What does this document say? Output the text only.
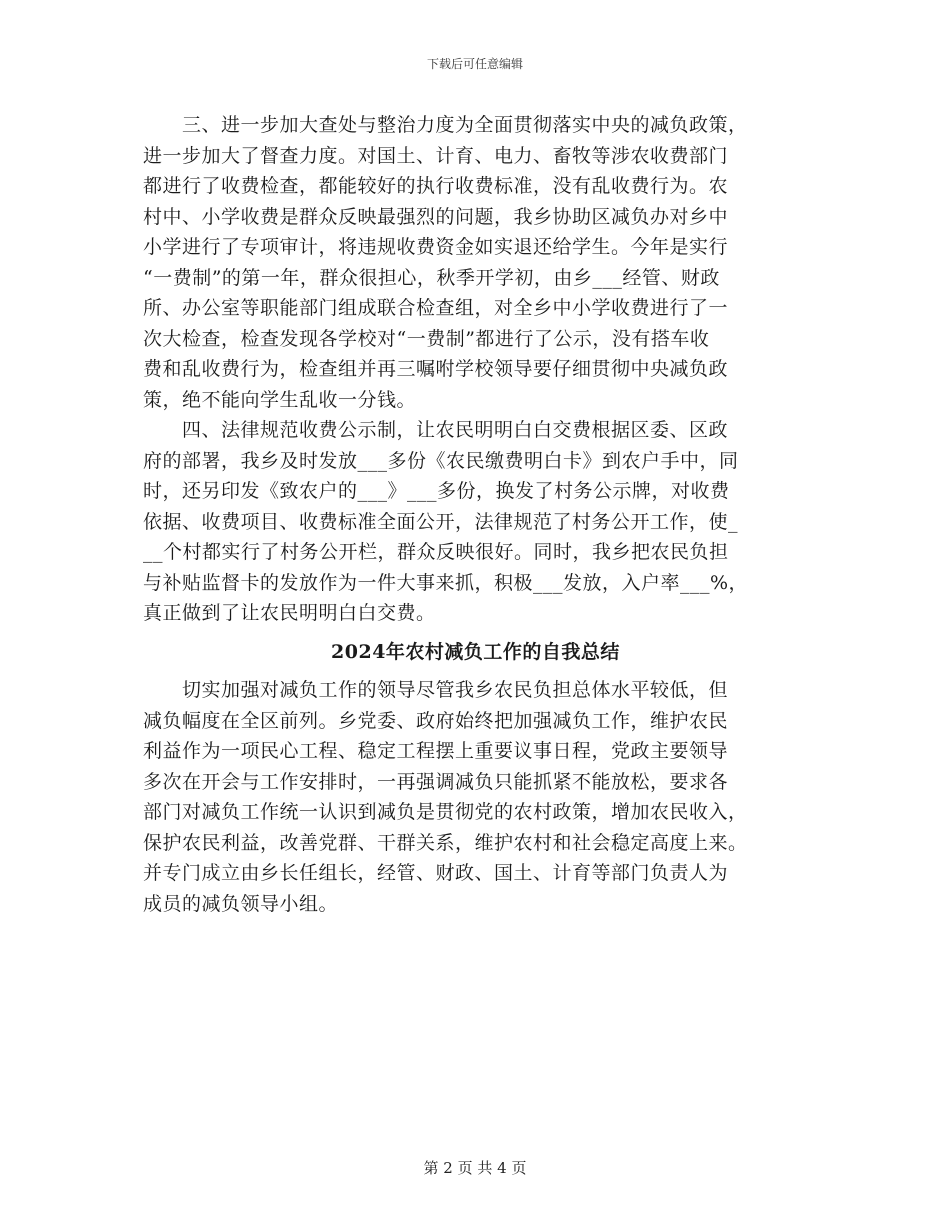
下载后可任意编辑
　　三、进一步加大查处与整治力度为全面贯彻落实中央的减负政策，
进一步加大了督查力度。对国土、计育、电力、畜牧等涉农收费部门
都进行了收费检查，都能较好的执行收费标准，没有乱收费行为。农
村中、小学收费是群众反映最强烈的问题，我乡协助区减负办对乡中
小学进行了专项审计，将违规收费资金如实退还给学生。今年是实行
“一费制”的第一年，群众很担心，秋季开学初，由乡___经管、财政
所、办公室等职能部门组成联合检查组，对全乡中小学收费进行了一
次大检查，检查发现各学校对“一费制”都进行了公示，没有搭车收
费和乱收费行为，检查组并再三嘱咐学校领导要仔细贯彻中央减负政
策，绝不能向学生乱收一分钱。
　　四、法律规范收费公示制，让农民明明白白交费根据区委、区政
府的部署，我乡及时发放___多份《农民缴费明白卡》到农户手中，同
时，还另印发《致农户的___》___多份，换发了村务公示牌，对收费
依据、收费项目、收费标准全面公开，法律规范了村务公开工作，使_
__个村都实行了村务公开栏，群众反映很好。同时，我乡把农民负担
与补贴监督卡的发放作为一件大事来抓，积极___发放，入户率___%，
真正做到了让农民明明白白交费。
2024年农村减负工作的自我总结
　　切实加强对减负工作的领导尽管我乡农民负担总体水平较低，但
减负幅度在全区前列。乡党委、政府始终把加强减负工作，维护农民
利益作为一项民心工程、稳定工程摆上重要议事日程，党政主要领导
多次在开会与工作安排时，一再强调减负只能抓紧不能放松，要求各
部门对减负工作统一认识到减负是贯彻党的农村政策，增加农民收入，
保护农民利益，改善党群、干群关系，维护农村和社会稳定高度上来。
并专门成立由乡长任组长，经管、财政、国土、计育等部门负责人为
成员的减负领导小组。
第 2 页 共 4 页
